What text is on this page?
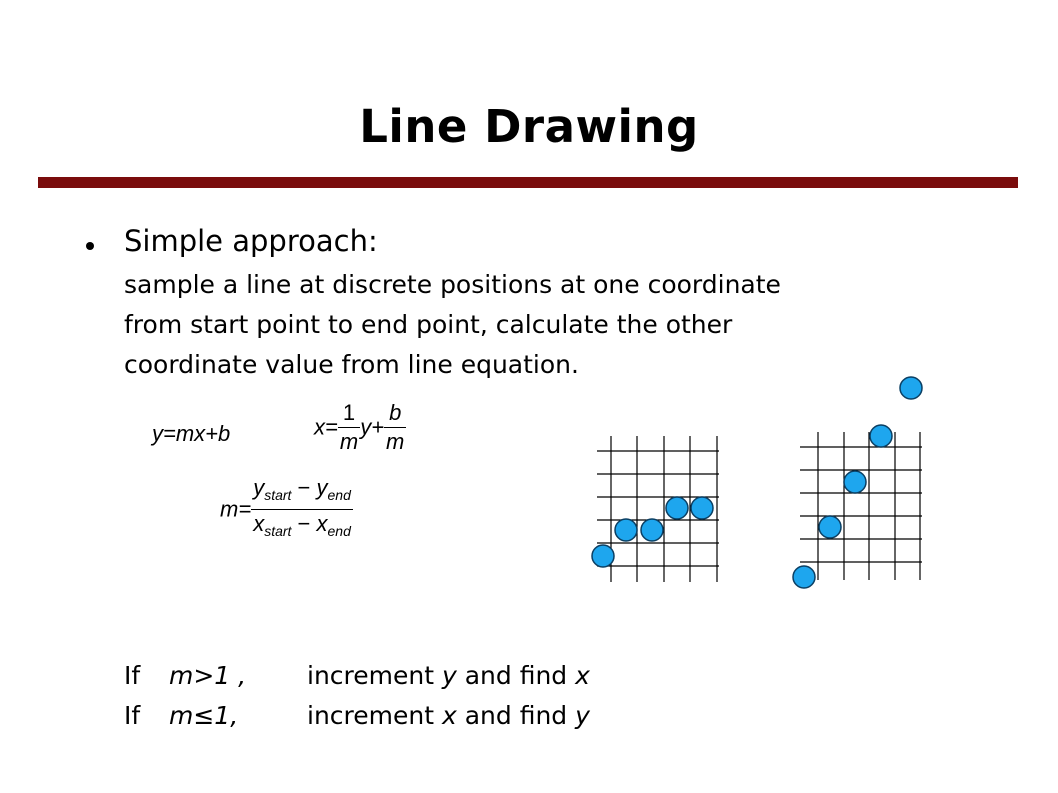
Line Drawing
Simple approach:
sample a line at discrete positions at one coordinate
from start point to end point, calculate the other
coordinate value from line equation.
y=mx+b	$x= \frac{1}{m} y+ \frac{b}{m}$
$m= \frac{y_{start} - y_{end}}{x_{start} - x_{end}}$
If m>1 , increment y and find x
If m≤1,	increment x and find y
